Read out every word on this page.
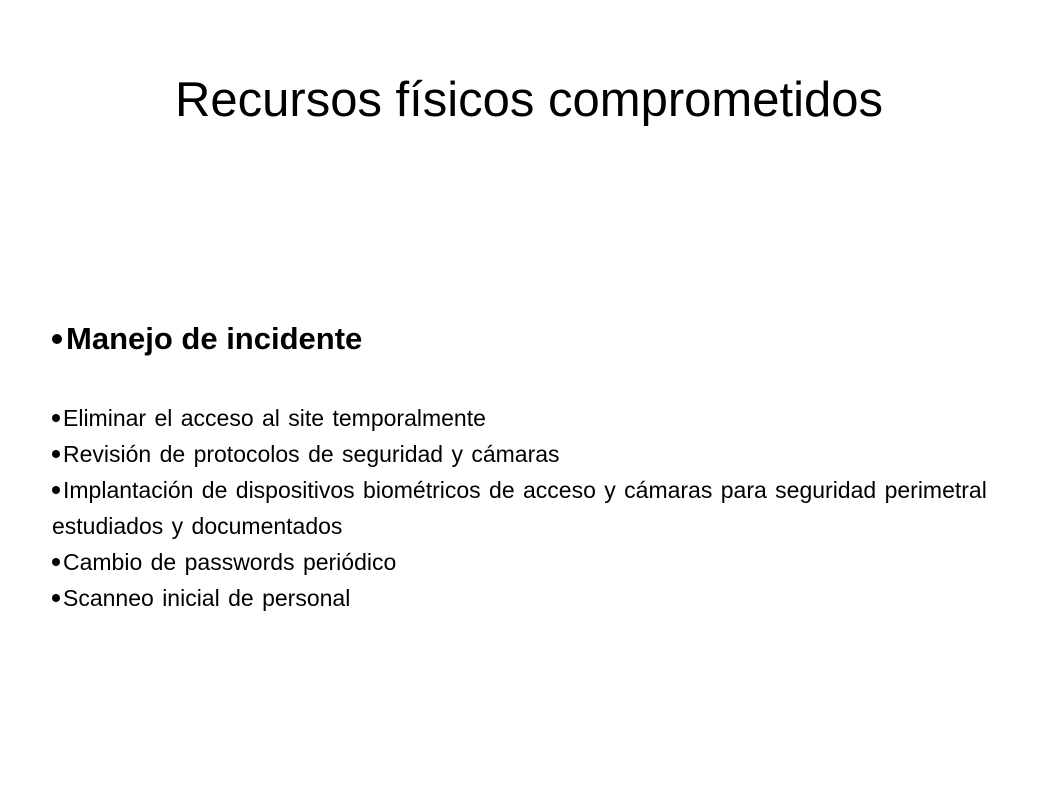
Recursos físicos comprometidos
Manejo de incidente
Eliminar el acceso al site temporalmente
Revisión de protocolos de seguridad y cámaras
Implantación de dispositivos biométricos de acceso y cámaras para seguridad perimetral estudiados y documentados
Cambio de passwords periódico
Scanneo inicial de personal
